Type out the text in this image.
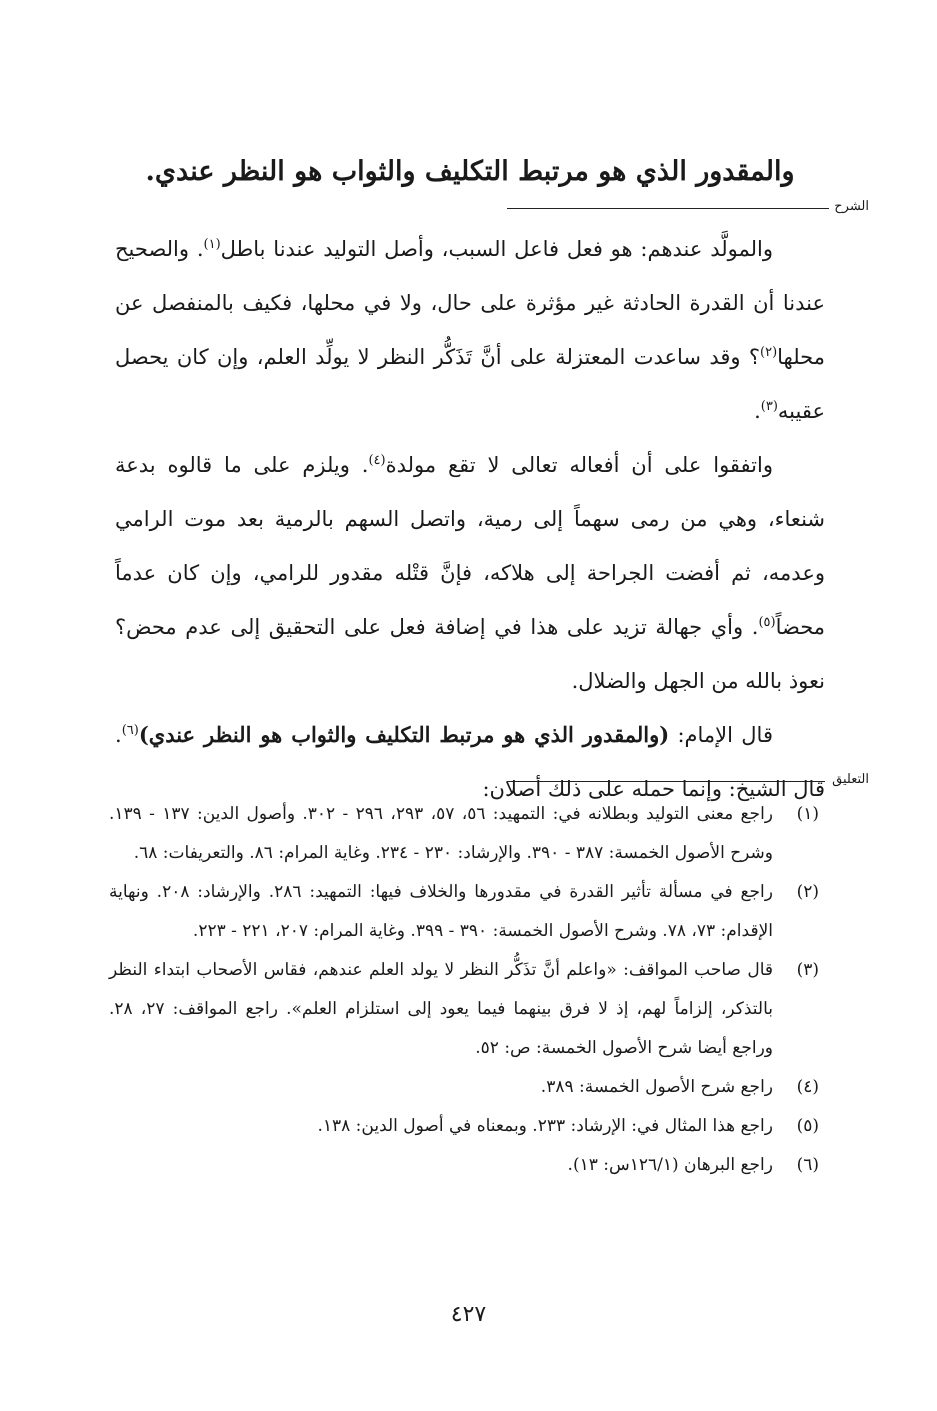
والمقدور الذي هو مرتبط التكليف والثواب هو النظر عندي.
الشرح

والمولَّد عندهم: هو فعل فاعل السبب، وأصل التوليد عندنا باطل$^{(١)}$. والصحيح عندنا أن القدرة الحادثة غير مؤثرة على حال، ولا في محلها، فكيف بالمنفصل عن محلها$^{(٢)}$؟ وقد ساعدت المعتزلة على أنَّ تَذَكُّر النظر لا يولِّد العلم، وإن كان يحصل عقيبه$^{(٣)}$.

واتفقوا على أن أفعاله تعالى لا تقع مولدة$^{(٤)}$. ويلزم على ما قالوه بدعة شنعاء، وهي من رمى سهماً إلى رمية، واتصل السهم بالرمية بعد موت الرامي وعدمه، ثم أفضت الجراحة إلى هلاكه، فإنَّ قتْله مقدور للرامي، وإن كان عدماً محضاً$^{(٥)}$. وأي جهالة تزيد على هذا في إضافة فعل على التحقيق إلى عدم محض؟ نعوذ بالله من الجهل والضلال.

قال الإمام: (والمقدور الذي هو مرتبط التكليف والثواب هو النظر عندي)$^{(٦)}$. قال الشيخ: وإنما حمله على ذلك أصلان: التعليق
(١)
راجع معنى التوليد وبطلانه في: التمهيد: ٥٦، ٥٧، ٢٩٣، ٢٩٦ - ٣٠٢. وأصول الدين: ١٣٧ - ١٣٩. وشرح الأصول الخمسة: ٣٨٧ - ٣٩٠. والإرشاد: ٢٣٠ - ٢٣٤. وغاية المرام: ٨٦. والتعريفات: ٦٨.
(٢)
راجع في مسألة تأثير القدرة في مقدورها والخلاف فيها: التمهيد: ٢٨٦. والإرشاد: ٢٠٨. ونهاية الإقدام: ٧٣، ٧٨. وشرح الأصول الخمسة: ٣٩٠ - ٣٩٩. وغاية المرام: ٢٠٧، ٢٢١ - ٢٢٣.
(٣)
قال صاحب المواقف: «واعلم أنَّ تذَكُّر النظر لا يولد العلم عندهم، فقاس الأصحاب ابتداء النظر بالتذكر، إلزاماً لهم، إذ لا فرق بينهما فيما يعود إلى استلزام العلم». راجع المواقف: ٢٧، ٢٨. وراجع أيضا شرح الأصول الخمسة: ص: ٥٢.
(٤)
راجع شرح الأصول الخمسة: ٣٨٩.
(٥)
راجع هذا المثال في: الإرشاد: ٢٣٣. وبمعناه في أصول الدين: ١٣٨.
(٦)
راجع البرهان (١٢٦/١س: ١٣).
٤٢٧
